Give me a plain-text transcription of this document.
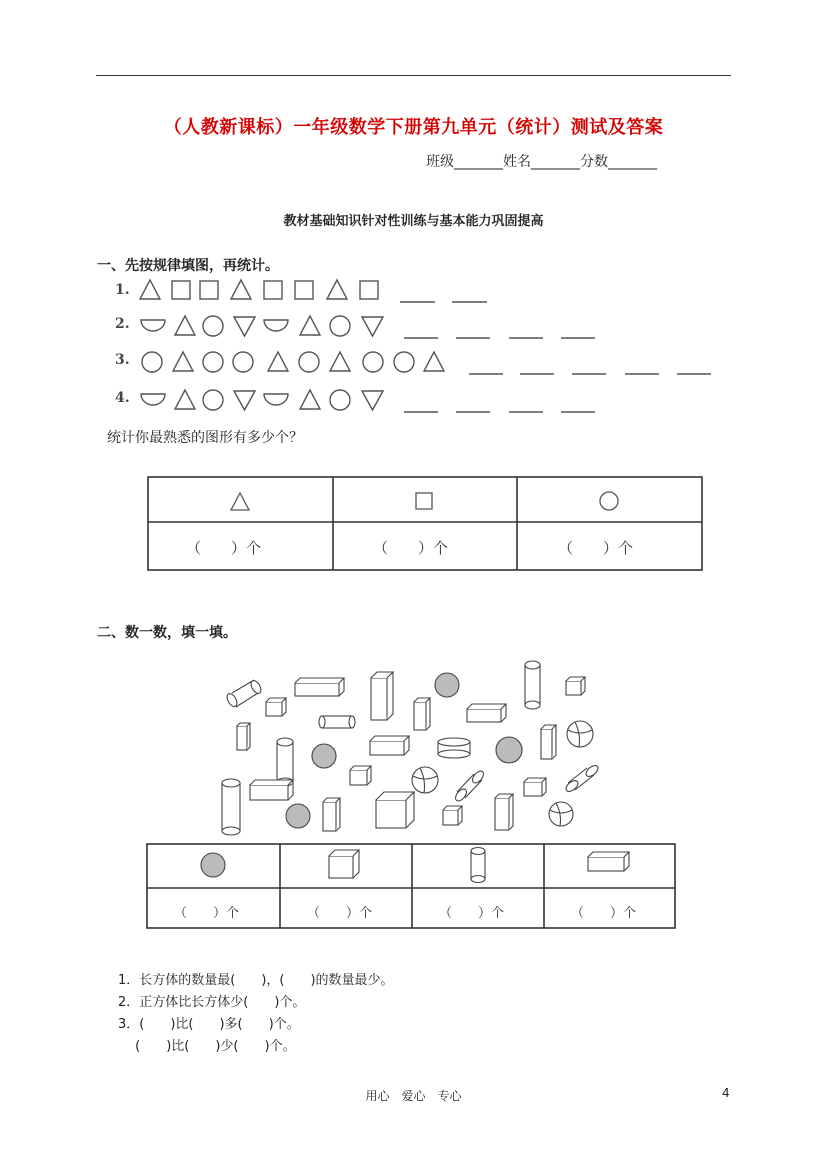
（人教新课标）一年级数学下册第九单元（统计）测试及答案
班级_______姓名_______分数_______
教材基础知识针对性训练与基本能力巩固提高
一、先按规律填图，再统计。
1.
2.
3.
4.
统计你最熟悉的图形有多少个？
（　　）个	（　　）个	（　　）个
二、数一数，填一填。
（　　）个	（　　）个	（　　）个	（　　）个
1．长方体的数量最(　　)，(　　)的数量最少。
2．正方体比长方体少(　　)个。
3．(　　)比(　　)多(　　)个。
　 (　　)比(　　)少(　　)个。
用心　爱心　专心	4
